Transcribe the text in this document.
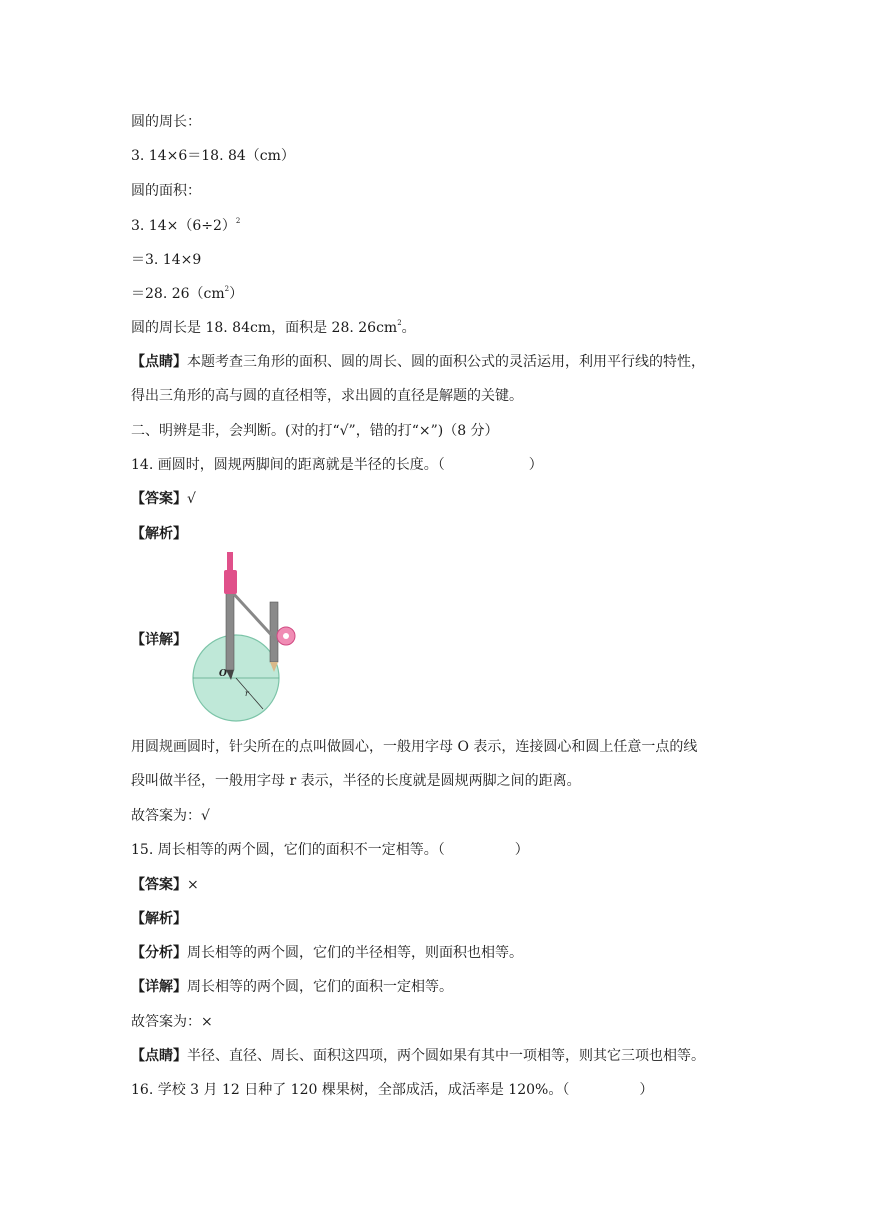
圆的周长：
3. 14×6＝18. 84（cm）
圆的面积：
3. $14\times(6\div 2)^2$
＝3. 14×9
＝28. $26(cm^2)$
圆的周长是 18. 84cm，面积是 28. $26cm^2$。
【点睛】本题考查三角形的面积、圆的周长、圆的面积公式的灵活运用，利用平行线的特性，
得出三角形的高与圆的直径相等，求出圆的直径是解题的关键。
二、明辨是非，会判断。(对的打“√”，错的打“×”)（8 分）
14. 画圆时，圆规两脚间的距离就是半径的长度。（　　　　　　）
【答案】√
【解析】
【详解】
O
r
用圆规画圆时，针尖所在的点叫做圆心，一般用字母 O 表示，连接圆心和圆上任意一点的线
段叫做半径，一般用字母 r 表示，半径的长度就是圆规两脚之间的距离。
故答案为：√
15. 周长相等的两个圆，它们的面积不一定相等。（　　　　　）
【答案】×
【解析】
【分析】周长相等的两个圆，它们的半径相等，则面积也相等。
【详解】周长相等的两个圆，它们的面积一定相等。
故答案为：×
【点睛】半径、直径、周长、面积这四项，两个圆如果有其中一项相等，则其它三项也相等。
16. 学校 3 月 12 日种了 120 棵果树，全部成活，成活率是 120%。（　　　　　）
